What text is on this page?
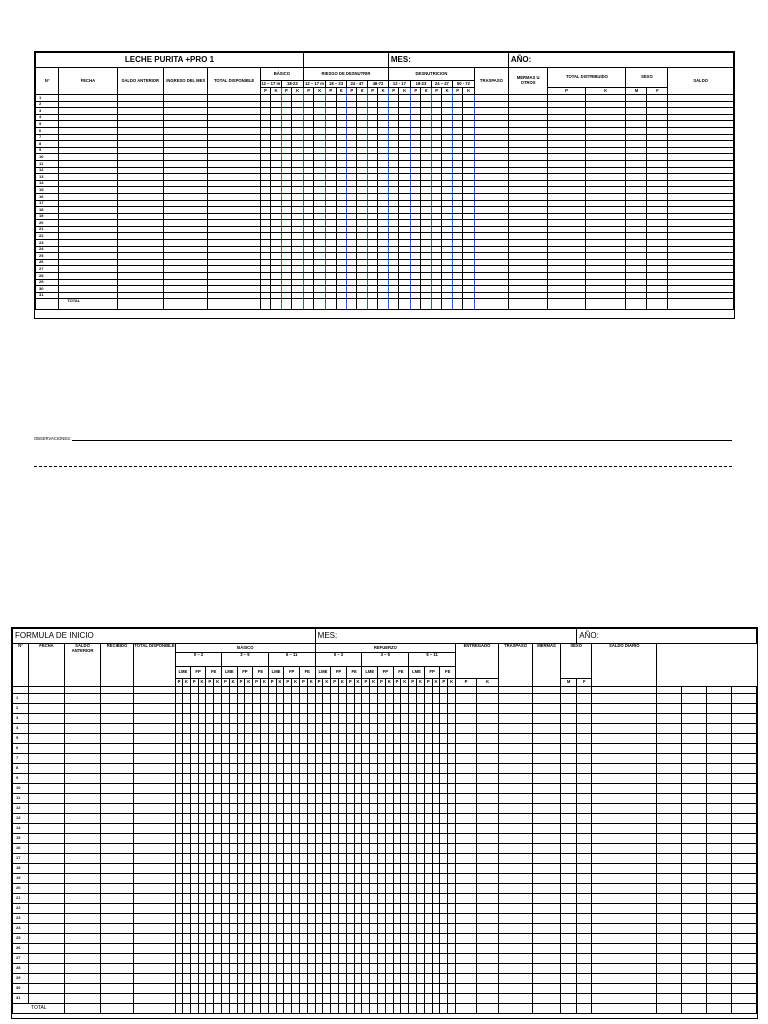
LECHE PURITA +PRO 1																	MES:									AÑO:					
N°	FECHA	SALDO ANTERIOR	INGRESO DEL MES	TOTAL DISPONIBLE	BÁSICO				RIESGO DE DESNUTRIR								DESNUTRICION								TRASPASO	MERMAS U OTROS	TOTAL DISTRIBUIDO		SEXO		SALDO
					12 – 17 m		18-23		12 – 17 m		18 – 23		24 - 47		48-72		12 - 17		18-23		24 – 47		50 - 72								
					P	K	P	K	P	K	P	K	P	K	P	K	P	K	P	K	P	K	P	K			P	K	M	F	
1																															
2																															
3																															
4																															
5																															
6																															
7																															
8																															
9																															
10																															
11																															
12																															
13																															
14																															
15																															
16																															
17																															
18																															
19																															
20																															
21																															
22																															
23																															
24																															
25																															
26																															
27																															
28																															
29																															
30																															
31																															
	TOTAL																														
OBSERVACIONES:
FORMULA DE INICIO																							MES:																							AÑO:					
N°	FECHA	SALDO ANTERIOR	RECIBIDO	TOTAL DISPONIBLE	BÁSICO																		REFUERZO																		ENTREGADO		TRASPASO	MERMAS	SEXO		SALDO DIARIO				
					0 – 2						3 – 5						6 – 11						0 – 2						3 – 5						6 – 11																
					LME		FP		FE		LME		FP		FE		LME		FP		FE		LME		FP		FE		LME		FP		FE		LME		FP		FE												
					P	K	P	K	P	K	P	K	P	K	P	K	P	K	P	K	P	K	P	K	P	K	P	K	P	K	P	K	P	K	P	K	P	K	P	K	P	K			M	F					

1																																																			
2																																																			
3																																																			
4																																																			
5																																																			
6																																																			
7																																																			
8																																																			
9																																																			
10																																																			
11																																																			
12																																																			
13																																																			
14																																																			
15																																																			
16																																																			
17																																																			
18																																																			
19																																																			
20																																																			
21																																																			
22																																																			
23																																																			
24																																																			
25																																																			
26																																																			
27																																																			
28																																																			
29																																																			
30																																																			
31																																																			
TOTAL																																																			
